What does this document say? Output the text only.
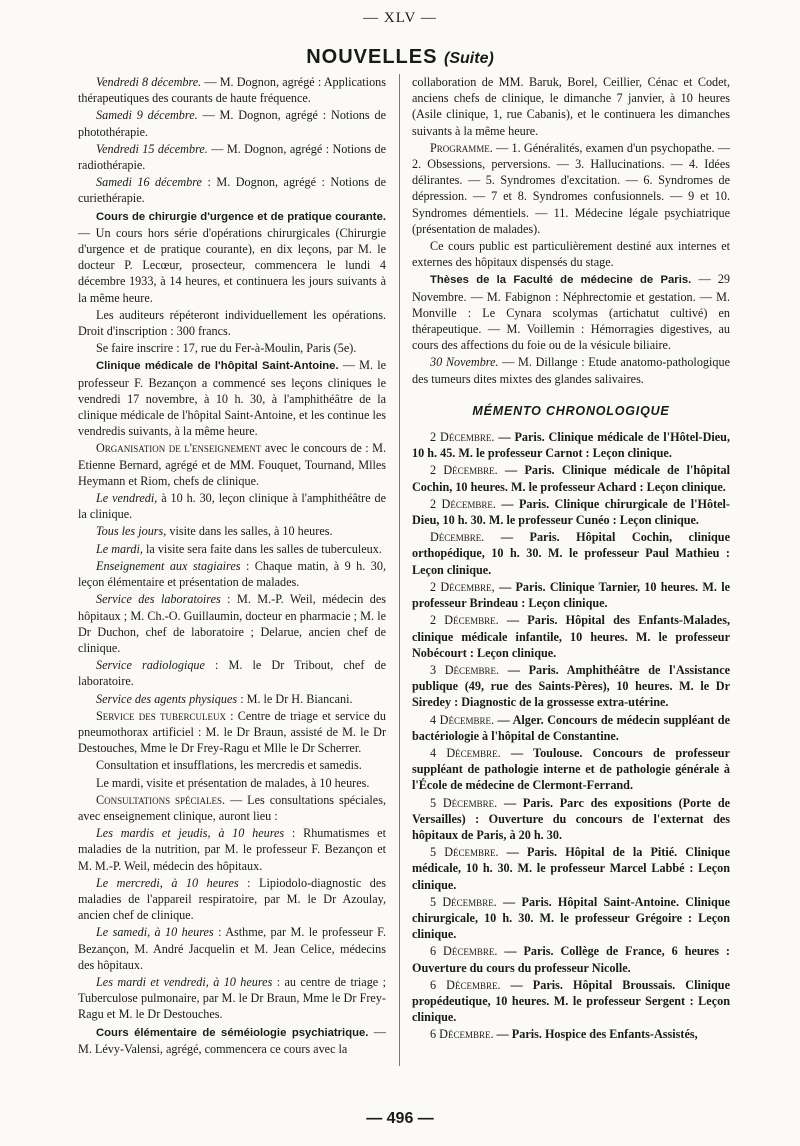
— XLV —
NOUVELLES (Suite)

Vendredi 8 décembre. — M. Dognon, agrégé : Applications thérapeutiques des courants de haute fréquence.

Samedi 9 décembre. — M. Dognon, agrégé : Notions de photothérapie.

Vendredi 15 décembre. — M. Dognon, agrégé : Notions de radiothérapie.

Samedi 16 décembre : M. Dognon, agrégé : Notions de curiethérapie.

Cours de chirurgie d'urgence et de pratique courante. — Un cours hors série d'opérations chirurgicales (Chirurgie d'urgence et de pratique courante), en dix leçons, par M. le docteur P. Lecœur, prosecteur, commencera le lundi 4 décembre 1933, à 14 heures, et continuera les jours suivants à la même heure.

Les auditeurs répéteront individuellement les opérations. Droit d'inscription : 300 francs.

Se faire inscrire : 17, rue du Fer-à-Moulin, Paris (5e).

Clinique médicale de l'hôpital Saint-Antoine. — M. le professeur F. Bezançon a commencé ses leçons cliniques le vendredi 17 novembre, à 10 h. 30, à l'amphithéâtre de la clinique médicale de l'hôpital Saint-Antoine, et les continue les vendredis suivants, à la même heure.

Organisation de l'enseignement avec le concours de : M. Etienne Bernard, agrégé et de MM. Fouquet, Tournand, Mlles Heymann et Riom, chefs de clinique.

Le vendredi, à 10 h. 30, leçon clinique à l'amphithéâtre de la clinique.

Tous les jours, visite dans les salles, à 10 heures.

Le mardi, la visite sera faite dans les salles de tuberculeux.

Enseignement aux stagiaires : Chaque matin, à 9 h. 30, leçon élémentaire et présentation de malades.

Service des laboratoires : M. M.-P. Weil, médecin des hôpitaux ; M. Ch.-O. Guillaumin, docteur en pharmacie ; M. le Dr Duchon, chef de laboratoire ; Delarue, ancien chef de clinique.

Service radiologique : M. le Dr Tribout, chef de laboratoire.

Service des agents physiques : M. le Dr H. Biancani.

Service des tuberculeux : Centre de triage et service du pneumothorax artificiel : M. le Dr Braun, assisté de M. le Dr Destouches, Mme le Dr Frey-Ragu et Mlle le Dr Scherrer.

Consultation et insufflations, les mercredis et samedis.

Le mardi, visite et présentation de malades, à 10 heures.

Consultations spéciales. — Les consultations spéciales, avec enseignement clinique, auront lieu :

Les mardis et jeudis, à 10 heures : Rhumatismes et maladies de la nutrition, par M. le professeur F. Bezançon et M. M.-P. Weil, médecin des hôpitaux.

Le mercredi, à 10 heures : Lipiodolo-diagnostic des maladies de l'appareil respiratoire, par M. le Dr Azoulay, ancien chef de clinique.

Le samedi, à 10 heures : Asthme, par M. le professeur F. Bezançon, M. André Jacquelin et M. Jean Celice, médecins des hôpitaux.

Les mardi et vendredi, à 10 heures : au centre de triage ; Tuberculose pulmonaire, par M. le Dr Braun, Mme le Dr Frey-Ragu et M. le Dr Destouches.

Cours élémentaire de séméiologie psychiatrique. — M. Lévy-Valensi, agrégé, commencera ce cours avec la

collaboration de MM. Baruk, Borel, Ceillier, Cénac et Codet, anciens chefs de clinique, le dimanche 7 janvier, à 10 heures (Asile clinique, 1, rue Cabanis), et le continuera les dimanches suivants à la même heure.

Programme. — 1. Généralités, examen d'un psychopathe. — 2. Obsessions, perversions. — 3. Hallucinations. — 4. Idées délirantes. — 5. Syndromes d'excitation. — 6. Syndromes de dépression. — 7 et 8. Syndromes confusionnels. — 9 et 10. Syndromes démentiels. — 11. Médecine légale psychiatrique (présentation de malades).

Ce cours public est particulièrement destiné aux internes et externes des hôpitaux dispensés du stage.

Thèses de la Faculté de médecine de Paris. — 29 Novembre. — M. Fabignon : Néphrectomie et gestation. — M. Monville : Le Cynara scolymas (artichatut cultivé) en thérapeutique. — M. Voillemin : Hémorragies digestives, au cours des affections du foie ou de la vésicule biliaire.

30 Novembre. — M. Dillange : Etude anatomo-pathologique des tumeurs dites mixtes des glandes salivaires.

MÉMENTO CHRONOLOGIQUE

2 Décembre. — Paris. Clinique médicale de l'Hôtel-Dieu, 10 h. 45. M. le professeur Carnot : Leçon clinique.

2 Décembre. — Paris. Clinique médicale de l'hôpital Cochin, 10 heures. M. le professeur Achard : Leçon clinique.

2 Décembre. — Paris. Clinique chirurgicale de l'Hôtel-Dieu, 10 h. 30. M. le professeur Cunéo : Leçon clinique.

Décembre. — Paris. Hôpital Cochin, clinique orthopédique, 10 h. 30. M. le professeur Paul Mathieu : Leçon clinique.

2 Décembre, — Paris. Clinique Tarnier, 10 heures. M. le professeur Brindeau : Leçon clinique.

2 Décembre. — Paris. Hôpital des Enfants-Malades, clinique médicale infantile, 10 heures. M. le professeur Nobécourt : Leçon clinique.

3 Décembre. — Paris. Amphithéâtre de l'Assistance publique (49, rue des Saints-Pères), 10 heures. M. le Dr Siredey : Diagnostic de la grossesse extra-utérine.

4 Décembre. — Alger. Concours de médecin suppléant de bactériologie à l'hôpital de Constantine.

4 Décembre. — Toulouse. Concours de professeur suppléant de pathologie interne et de pathologie générale à l'École de médecine de Clermont-Ferrand.

5 Décembre. — Paris. Parc des expositions (Porte de Versailles) : Ouverture du concours de l'externat des hôpitaux de Paris, à 20 h. 30.

5 Décembre. — Paris. Hôpital de la Pitié. Clinique médicale, 10 h. 30. M. le professeur Marcel Labbé : Leçon clinique.

5 Décembre. — Paris. Hôpital Saint-Antoine. Clinique chirurgicale, 10 h. 30. M. le professeur Grégoire : Leçon clinique.

6 Décembre. — Paris. Collège de France, 6 heures : Ouverture du cours du professeur Nicolle.

6 Décembre. — Paris. Hôpital Broussais. Clinique propédeutique, 10 heures. M. le professeur Sergent : Leçon clinique.

6 Décembre. — Paris. Hospice des Enfants-Assistés,

— 496 —
